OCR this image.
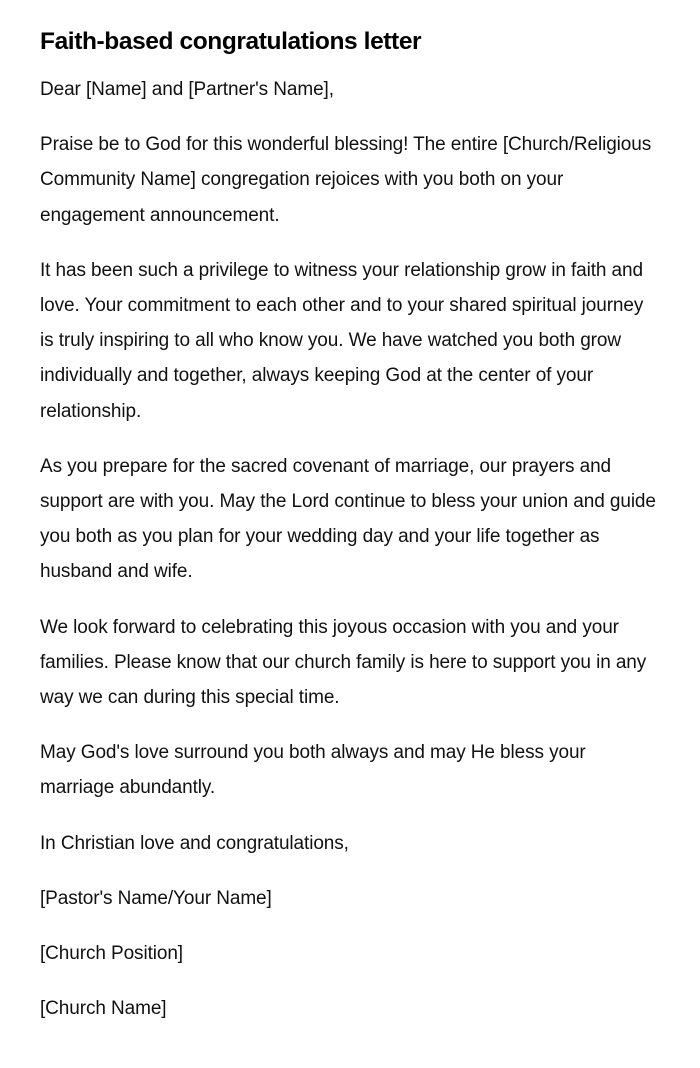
Faith-based congratulations letter

Dear [Name] and [Partner's Name],

Praise be to God for this wonderful blessing! The entire [Church/Religious Community Name] congregation rejoices with you both on your engagement announcement.

It has been such a privilege to witness your relationship grow in faith and love. Your commitment to each other and to your shared spiritual journey is truly inspiring to all who know you. We have watched you both grow individually and together, always keeping God at the center of your relationship.

As you prepare for the sacred covenant of marriage, our prayers and support are with you. May the Lord continue to bless your union and guide you both as you plan for your wedding day and your life together as husband and wife.

We look forward to celebrating this joyous occasion with you and your families. Please know that our church family is here to support you in any way we can during this special time.

May God's love surround you both always and may He bless your marriage abundantly.

In Christian love and congratulations,

[Pastor's Name/Your Name]

[Church Position]

[Church Name]
